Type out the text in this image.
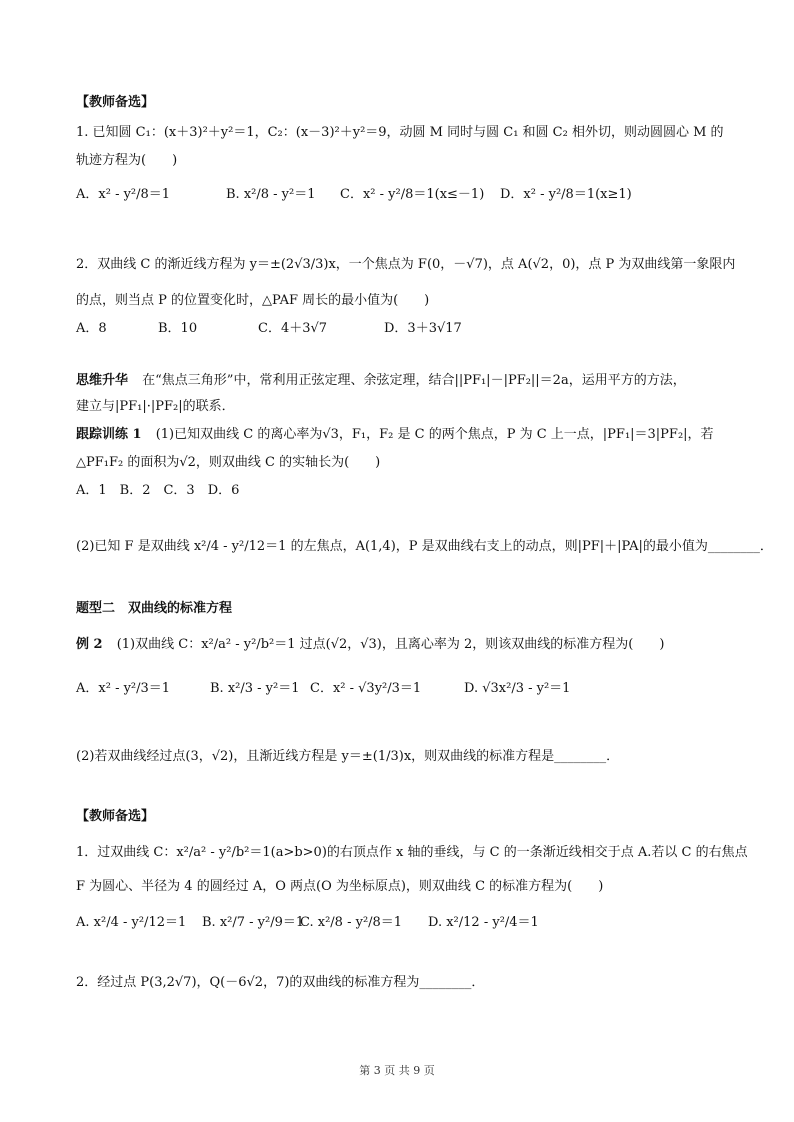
【教师备选】
1. 已知圆 C₁：(x＋3)²＋y²＝1，C₂：(x－3)²＋y²＝9，动圆 M 同时与圆 C₁ 和圆 C₂ 相外切，则动圆圆心 M 的
轨迹方程为(　　)
A．x² - y²/8＝1	B. x²/8 - y²＝1 C．x² - y²/8＝1(x≤－1) D．x² - y²/8＝1(x≥1)
2．双曲线 C 的渐近线方程为 y＝±(2√3/3)x，一个焦点为 F(0，－√7)，点 A(√2，0)，点 P 为双曲线第一象限内
的点，则当点 P 的位置变化时，△PAF 周长的最小值为(　　)
A．8	B．10	C．4＋3√7	D．3＋3√17
思维升华 在“焦点三角形”中，常利用正弦定理、余弦定理，结合||PF₁|－|PF₂||＝2a，运用平方的方法，
建立与|PF₁|·|PF₂|的联系．
跟踪训练 1 (1)已知双曲线 C 的离心率为√3，F₁，F₂ 是 C 的两个焦点，P 为 C 上一点，|PF₁|＝3|PF₂|，若
△PF₁F₂ 的面积为√2，则双曲线 C 的实轴长为(　　)
A．1　B．2　C．3　D．6
(2)已知 F 是双曲线 x²/4 - y²/12＝1 的左焦点，A(1,4)，P 是双曲线右支上的动点，则|PF|＋|PA|的最小值为________．
题型二　双曲线的标准方程
例 2 (1)双曲线 C：x²/a² - y²/b²＝1 过点(√2，√3)，且离心率为 2，则该双曲线的标准方程为(　　)
A．x² - y²/3＝1	B. x²/3 - y²＝1 C．x² - √3y²/3＝1	D. √3x²/3 - y²＝1
(2)若双曲线经过点(3，√2)，且渐近线方程是 y＝±(1/3)x，则双曲线的标准方程是________．
【教师备选】
1．过双曲线 C：x²/a² - y²/b²＝1(a>b>0)的右顶点作 x 轴的垂线，与 C 的一条渐近线相交于点 A.若以 C 的右焦点
F 为圆心、半径为 4 的圆经过 A，O 两点(O 为坐标原点)，则双曲线 C 的标准方程为(　　)
A. x²/4 - y²/12＝1 B. x²/7 - y²/9＝1
C. x²/8 - y²/8＝1 D. x²/12 - y²/4＝1
2．经过点 P(3,2√7)，Q(－6√2，7)的双曲线的标准方程为________．
第 3 页 共 9 页
